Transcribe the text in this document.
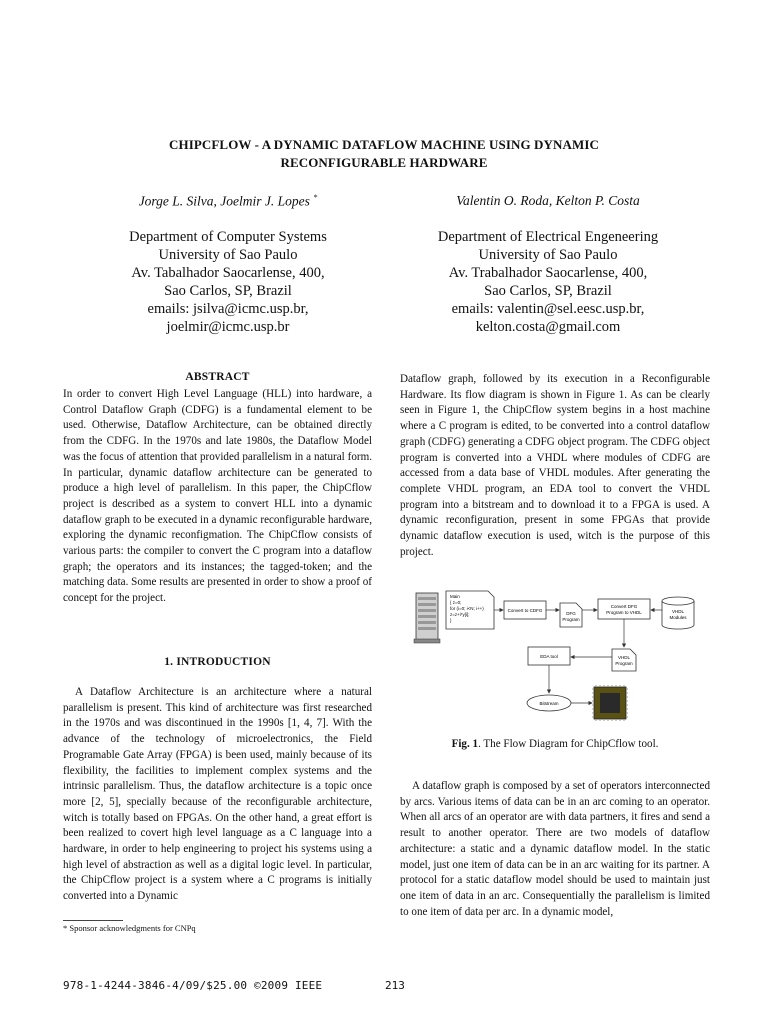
CHIPCFLOW - A DYNAMIC DATAFLOW MACHINE USING DYNAMIC
RECONFIGURABLE HARDWARE
Jorge L. Silva, Joelmir J. Lopes *	Valentin O. Roda, Kelton P. Costa
Department of Computer Systems
University of Sao Paulo
Av. Tabalhador Saocarlense, 400,
Sao Carlos, SP, Brazil
emails: jsilva@icmc.usp.br,
joelmir@icmc.usp.br
Department of Electrical Engeneering
University of Sao Paulo
Av. Trabalhador Saocarlense, 400,
Sao Carlos, SP, Brazil
emails: valentin@sel.eesc.usp.br,
kelton.costa@gmail.com
ABSTRACT

In order to convert High Level Language (HLL) into hardware, a Control Dataflow Graph (CDFG) is a fundamental element to be used. Otherwise, Dataflow Architecture, can be obtained directly from the CDFG. In the 1970s and late 1980s, the Dataflow Model was the focus of attention that provided parallelism in a natural form. In particular, dynamic dataflow architecture can be generated to produce a high level of parallelism. In this paper, the ChipCflow project is described as a system to convert HLL into a dynamic dataflow graph to be executed in a dynamic reconfigurable hardware, exploring the dynamic reconfigmation. The ChipCflow consists of various parts: the compiler to convert the C program into a dataflow graph; the operators and its instances; the tagged-token; and the matching data. Some results are presented in order to show a proof of concept for the project.

1. INTRODUCTION

A Dataflow Architecture is an architecture where a natural parallelism is present. This kind of architecture was first researched in the 1970s and was discontinued in the 1990s [1, 4, 7]. With the advance of the technology of microelectronics, the Field Programable Gate Array (FPGA) is been used, mainly because of its flexibility, the facilities to implement complex systems and the intrinsic parallelism. Thus, the dataflow architecture is a topic once more [2, 5], specially because of the reconfigurable architecture, witch is totally based on FPGAs. On the other hand, a great effort is been realized to covert high level language as a C language into a hardware, in order to help engineering to project his systems using a high level of abstraction as well as a digital logic level. In particular, the ChipCflow project is a system where a C programs is initially converted into a Dynamic

* Sponsor acknowledgments for CNPq

Dataflow graph, followed by its execution in a Reconfigurable Hardware. Its flow diagram is shown in Figure 1. As can be clearly seen in Figure 1, the ChipCflow system begins in a host machine where a C program is edited, to be converted into a control dataflow graph (CDFG) generating a CDFG object program. The CDFG object program is converted into a VHDL where modules of CDFG are accessed from a data base of VHDL modules. After generating the complete VHDL program, an EDA tool to convert the VHDL program into a bitstream and to download it to a FPGA is used. A dynamic reconfiguration, present in some FPGAs that provide dynamic dataflow execution is used, witch is the purpose of this project.

Main
{ z=0;
for (i=0; i<N; i++)
z=z+i*y[i];
}
Convert to CDFG
DFG
Program
Convert DFG
Program to VHDL	VHDL
Modules
VHDL
Program
EDA tool
Bitstream
Fig. 1. The Flow Diagram for ChipCflow tool.

A dataflow graph is composed by a set of operators interconnected by arcs. Various items of data can be in an arc coming to an operator. When all arcs of an operator are with data partners, it fires and send a result to another operator. There are two models of dataflow architecture: a static and a dynamic dataflow model. In the static model, just one item of data can be in an arc waiting for its partner. A protocol for a static dataflow model should be used to maintain just one item of data in an arc. Consequentially the parallelism is limited to one item of data per arc. In a dynamic model,

978-1-4244-3846-4/09/$25.00 ©2009 IEEE	213
